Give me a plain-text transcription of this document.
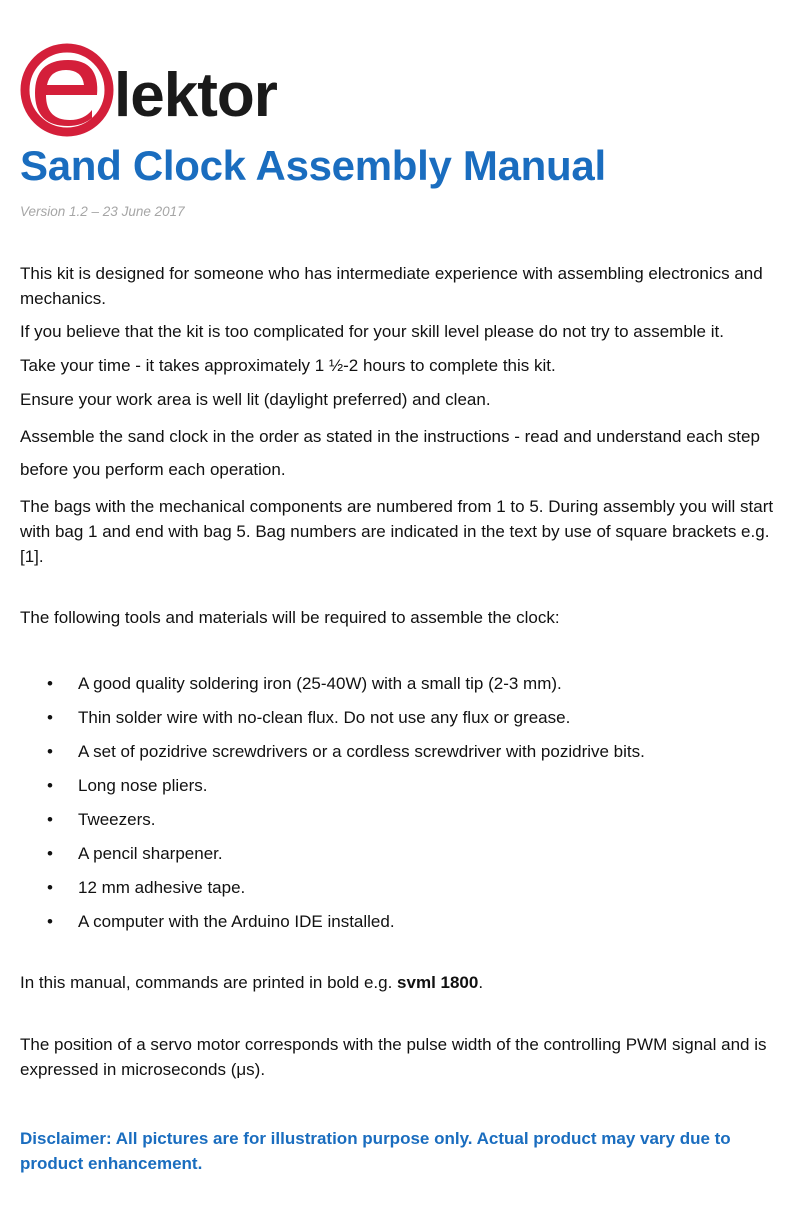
lektor
Sand Clock Assembly Manual
Version 1.2 – 23 June 2017

This kit is designed for someone who has intermediate experience with assembling electronics and mechanics.

If you believe that the kit is too complicated for your skill level please do not try to assemble it.

Take your time - it takes approximately 1 ½-2 hours to complete this kit.

Ensure your work area is well lit (daylight preferred) and clean.

Assemble the sand clock in the order as stated in the instructions - read and understand each step before you perform each operation.

The bags with the mechanical components are numbered from 1 to 5. During assembly you will start with bag 1 and end with bag 5. Bag numbers are indicated in the text by use of square brackets e.g. [1].

The following tools and materials will be required to assemble the clock:

• A good quality soldering iron (25-40W) with a small tip (2-3 mm).
• Thin solder wire with no-clean flux. Do not use any flux or grease.
• A set of pozidrive screwdrivers or a cordless screwdriver with pozidrive bits.
• Long nose pliers.
• Tweezers.
• A pencil sharpener.
• 12 mm adhesive tape.
• A computer with the Arduino IDE installed.

In this manual, commands are printed in bold e.g. svml 1800.

The position of a servo motor corresponds with the pulse width of the controlling PWM signal and is expressed in microseconds (μs).

Disclaimer: All pictures are for illustration purpose only. Actual product may vary due to product enhancement.
